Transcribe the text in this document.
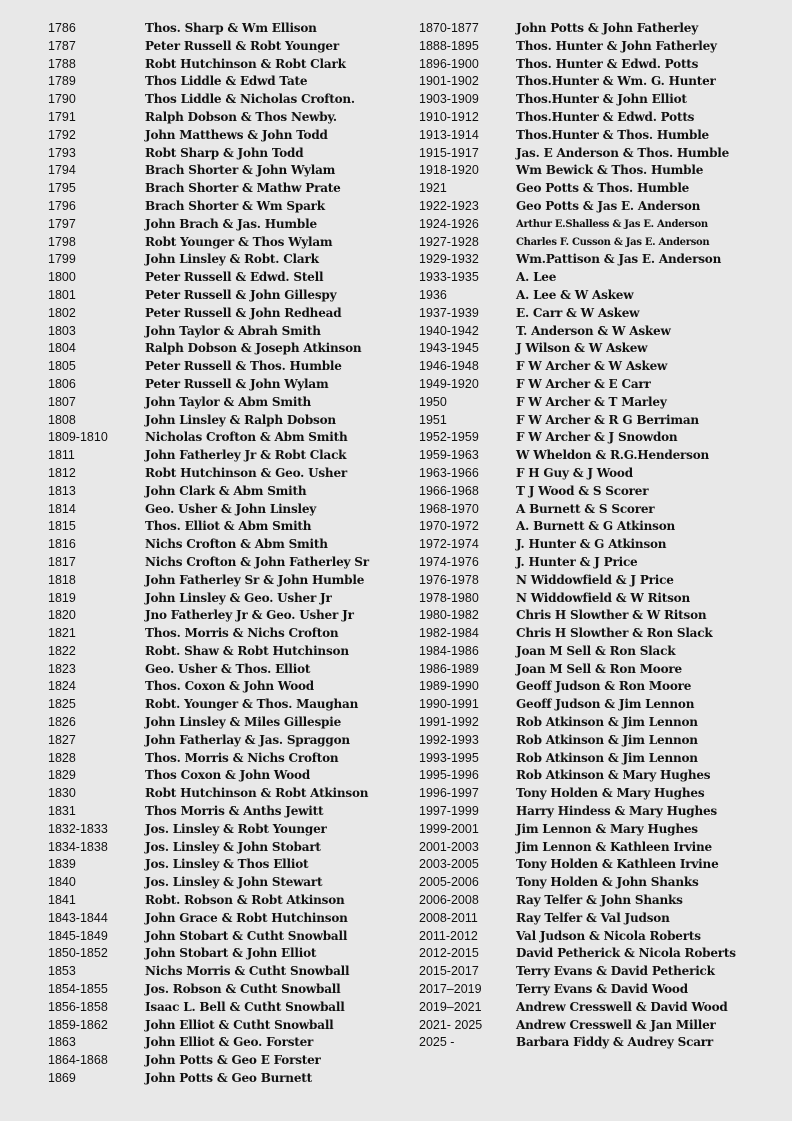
1786	Thos. Sharp & Wm Ellison
1787	Peter Russell & Robt Younger
1788	Robt Hutchinson & Robt Clark
1789	Thos Liddle & Edwd Tate
1790	Thos Liddle & Nicholas Crofton.
1791	Ralph Dobson & Thos Newby.
1792	John Matthews & John Todd
1793	Robt Sharp & John Todd
1794	Brach Shorter & John Wylam
1795	Brach Shorter & Mathw Prate
1796	Brach Shorter & Wm Spark
1797	John Brach & Jas. Humble
1798	Robt Younger & Thos Wylam
1799	John Linsley & Robt. Clark
1800	Peter Russell & Edwd. Stell
1801	Peter Russell & John Gillespy
1802	Peter Russell & John Redhead
1803	John Taylor & Abrah Smith
1804	Ralph Dobson & Joseph Atkinson
1805	Peter Russell & Thos. Humble
1806	Peter Russell & John Wylam
1807	John Taylor & Abm Smith
1808	John Linsley & Ralph Dobson
1809-1810	Nicholas Crofton & Abm Smith
1811	John Fatherley Jr & Robt Clack
1812	Robt Hutchinson & Geo. Usher
1813	John Clark & Abm Smith
1814	Geo. Usher & John Linsley
1815	Thos. Elliot & Abm Smith
1816	Nichs Crofton & Abm Smith
1817	Nichs Crofton & John Fatherley Sr
1818	John Fatherley Sr & John Humble
1819	John Linsley & Geo. Usher Jr
1820	Jno Fatherley Jr & Geo. Usher Jr
1821	Thos. Morris & Nichs Crofton
1822	Robt. Shaw & Robt Hutchinson
1823	Geo. Usher & Thos. Elliot
1824	Thos. Coxon & John Wood
1825	Robt. Younger & Thos. Maughan
1826	John Linsley & Miles Gillespie
1827	John Fatherlay & Jas. Spraggon
1828	Thos. Morris & Nichs Crofton
1829	Thos Coxon & John Wood
1830	Robt Hutchinson & Robt Atkinson
1831	Thos Morris & Anths Jewitt
1832-1833	Jos. Linsley & Robt Younger
1834-1838	Jos. Linsley & John Stobart
1839	Jos. Linsley & Thos Elliot
1840	Jos. Linsley & John Stewart
1841	Robt. Robson & Robt Atkinson
1843-1844	John Grace & Robt Hutchinson
1845-1849	John Stobart & Cutht Snowball
1850-1852	John Stobart & John Elliot
1853	Nichs Morris & Cutht Snowball
1854-1855	Jos. Robson & Cutht Snowball
1856-1858	Isaac L. Bell & Cutht Snowball
1859-1862	John Elliot & Cutht Snowball
1863	John Elliot & Geo. Forster
1864-1868	John Potts & Geo E Forster
1869	John Potts & Geo Burnett
1870-1877	John Potts & John Fatherley
1888-1895	Thos. Hunter & John Fatherley
1896-1900	Thos. Hunter & Edwd. Potts
1901-1902	Thos.Hunter & Wm. G. Hunter
1903-1909	Thos.Hunter & John Elliot
1910-1912	Thos.Hunter & Edwd. Potts
1913-1914	Thos.Hunter & Thos. Humble
1915-1917	Jas. E Anderson & Thos. Humble
1918-1920	Wm Bewick & Thos. Humble
1921	Geo Potts & Thos. Humble
1922-1923	Geo Potts & Jas E. Anderson
1924-1926	Arthur E.Shalless & Jas E. Anderson
1927-1928	Charles F. Cusson & Jas E. Anderson
1929-1932	Wm.Pattison & Jas E. Anderson
1933-1935	A. Lee
1936	A. Lee & W Askew
1937-1939	E. Carr & W Askew
1940-1942	T. Anderson & W Askew
1943-1945	J Wilson & W Askew
1946-1948	F W Archer & W Askew
1949-1920	F W Archer & E Carr
1950	F W Archer & T Marley
1951	F W Archer & R G Berriman
1952-1959	F W Archer & J Snowdon
1959-1963	W Wheldon & R.G.Henderson
1963-1966	F H Guy & J Wood
1966-1968	T J Wood & S Scorer
1968-1970	A Burnett & S Scorer
1970-1972	A. Burnett & G Atkinson
1972-1974	J. Hunter & G Atkinson
1974-1976	J. Hunter & J Price
1976-1978	N Widdowfield & J Price
1978-1980	N Widdowfield & W Ritson
1980-1982	Chris H Slowther & W Ritson
1982-1984	Chris H Slowther & Ron Slack
1984-1986	Joan M Sell & Ron Slack
1986-1989	Joan M Sell & Ron Moore
1989-1990	Geoff Judson & Ron Moore
1990-1991	Geoff Judson & Jim Lennon
1991-1992	Rob Atkinson & Jim Lennon
1992-1993	Rob Atkinson & Jim Lennon
1993-1995	Rob Atkinson & Jim Lennon
1995-1996	Rob Atkinson & Mary Hughes
1996-1997	Tony Holden & Mary Hughes
1997-1999	Harry Hindess & Mary Hughes
1999-2001	Jim Lennon & Mary Hughes
2001-2003	Jim Lennon & Kathleen Irvine
2003-2005	Tony Holden & Kathleen Irvine
2005-2006	Tony Holden & John Shanks
2006-2008	Ray Telfer & John Shanks
2008-2011	Ray Telfer & Val Judson
2011-2012	Val Judson & Nicola Roberts
2012-2015	David Petherick & Nicola Roberts
2015-2017	Terry Evans & David Petherick
2017–2019	Terry Evans & David Wood
2019–2021	Andrew Cresswell & David Wood
2021- 2025	Andrew Cresswell & Jan Miller
2025 -	Barbara Fiddy & Audrey Scarr
